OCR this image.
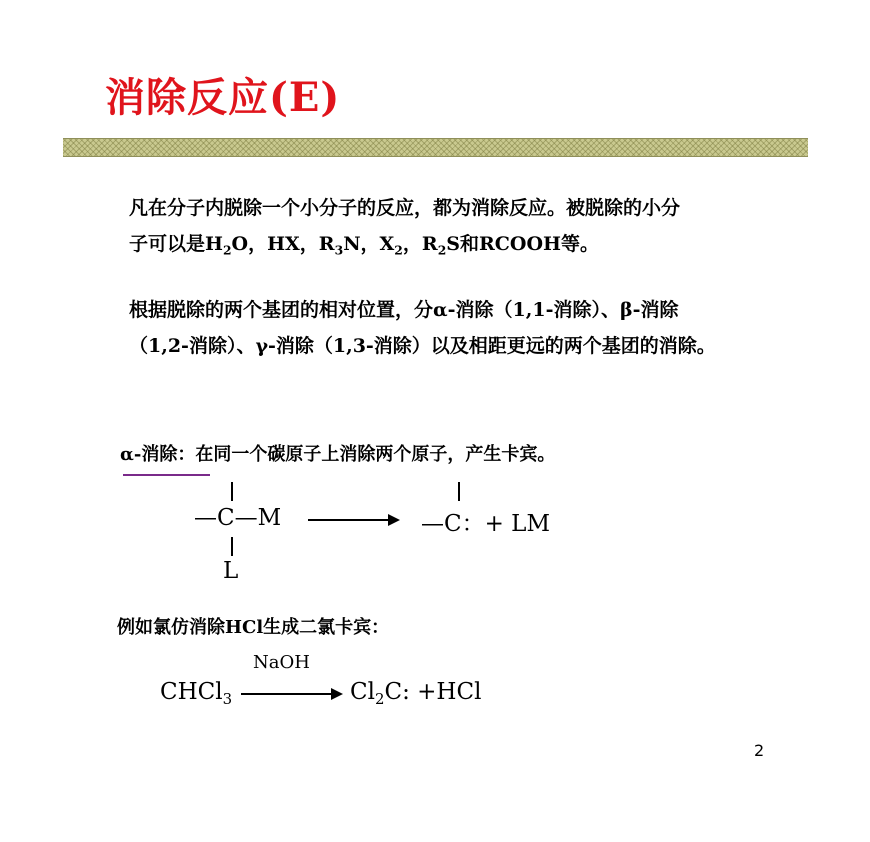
消除反应(E)
凡在分子内脱除一个小分子的反应，都为消除反应。被脱除的小分
子可以是$H_2O$，HX，$R_3N$，$X_2$，$R_2S$和RCOOH等。
根据脱除的两个基团的相对位置，分α-消除（1,1-消除）、β-消除
（1,2-消除）、γ-消除（1,3-消除）以及相距更远的两个基团的消除。
α-消除：在同一个碳原子上消除两个原子，产生卡宾。
—C—M
L
—C：+ LM
例如氯仿消除HCl生成二氯卡宾：
CHCl$_3$
NaOH
$Cl_2C$: +HCl
2
